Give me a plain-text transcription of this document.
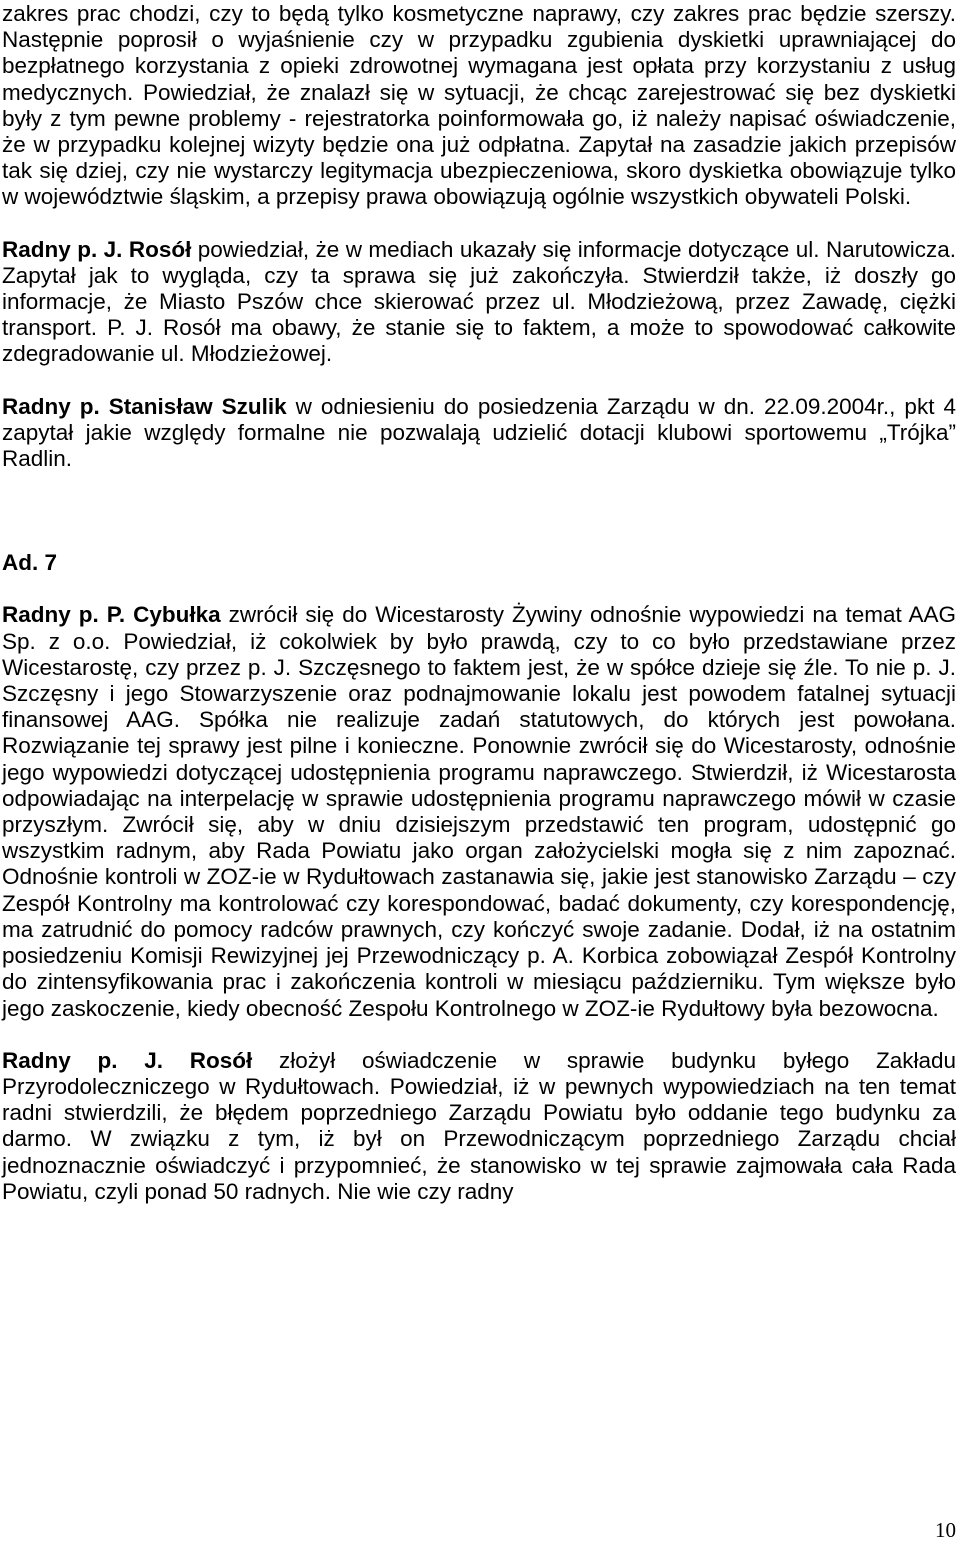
zakres prac chodzi, czy to będą tylko kosmetyczne naprawy, czy zakres prac będzie szerszy. Następnie poprosił o wyjaśnienie czy w przypadku zgubienia dyskietki uprawniającej do bezpłatnego korzystania z opieki zdrowotnej wymagana jest opłata przy korzystaniu z usług medycznych. Powiedział, że znalazł się w sytuacji, że chcąc zarejestrować się bez dyskietki były z tym pewne problemy - rejestratorka poinformowała go, iż należy napisać oświadczenie, że w przypadku kolejnej wizyty będzie ona już odpłatna. Zapytał na zasadzie jakich przepisów tak się dziej, czy nie wystarczy legitymacja ubezpieczeniowa, skoro dyskietka obowiązuje tylko w województwie śląskim, a przepisy prawa obowiązują ogólnie wszystkich obywateli Polski.

Radny p. J. Rosół powiedział, że w mediach ukazały się informacje dotyczące ul. Narutowicza. Zapytał jak to wygląda, czy ta sprawa się już zakończyła. Stwierdził także, iż doszły go informacje, że Miasto Pszów chce skierować przez ul. Młodzieżową, przez Zawadę, ciężki transport. P. J. Rosół ma obawy, że stanie się to faktem, a może to spowodować całkowite zdegradowanie ul. Młodzieżowej.

Radny p. Stanisław Szulik w odniesieniu do posiedzenia Zarządu w dn. 22.09.2004r., pkt 4 zapytał jakie względy formalne nie pozwalają udzielić dotacji klubowi sportowemu „Trójka” Radlin.

Ad. 7

Radny p. P. Cybułka zwrócił się do Wicestarosty Żywiny odnośnie wypowiedzi na temat AAG Sp. z o.o. Powiedział, iż cokolwiek by było prawdą, czy to co było przedstawiane przez Wicestarostę, czy przez p. J. Szczęsnego to faktem jest, że w spółce dzieje się źle. To nie p. J. Szczęsny i jego Stowarzyszenie oraz podnajmowanie lokalu jest powodem fatalnej sytuacji finansowej AAG. Spółka nie realizuje zadań statutowych, do których jest powołana. Rozwiązanie tej sprawy jest pilne i konieczne. Ponownie zwrócił się do Wicestarosty, odnośnie jego wypowiedzi dotyczącej udostępnienia programu naprawczego. Stwierdził, iż Wicestarosta odpowiadając na interpelację w sprawie udostępnienia programu naprawczego mówił w czasie przyszłym. Zwrócił się, aby w dniu dzisiejszym przedstawić ten program, udostępnić go wszystkim radnym, aby Rada Powiatu jako organ założycielski mogła się z nim zapoznać. Odnośnie kontroli w ZOZ-ie w Rydułtowach zastanawia się, jakie jest stanowisko Zarządu – czy Zespół Kontrolny ma kontrolować czy korespondować, badać dokumenty, czy korespondencję, ma zatrudnić do pomocy radców prawnych, czy kończyć swoje zadanie. Dodał, iż na ostatnim posiedzeniu Komisji Rewizyjnej jej Przewodniczący p. A. Korbica zobowiązał Zespół Kontrolny do zintensyfikowania prac i zakończenia kontroli w miesiącu październiku. Tym większe było jego zaskoczenie, kiedy obecność Zespołu Kontrolnego w ZOZ-ie Rydułtowy była bezowocna.

Radny p. J. Rosół złożył oświadczenie w sprawie budynku byłego Zakładu Przyrodoleczniczego w Rydułtowach. Powiedział, iż w pewnych wypowiedziach na ten temat radni stwierdzili, że błędem poprzedniego Zarządu Powiatu było oddanie tego budynku za darmo. W związku z tym, iż był on Przewodniczącym poprzedniego Zarządu chciał jednoznacznie oświadczyć i przypomnieć, że stanowisko w tej sprawie zajmowała cała Rada Powiatu, czyli ponad 50 radnych. Nie wie czy radny

10
